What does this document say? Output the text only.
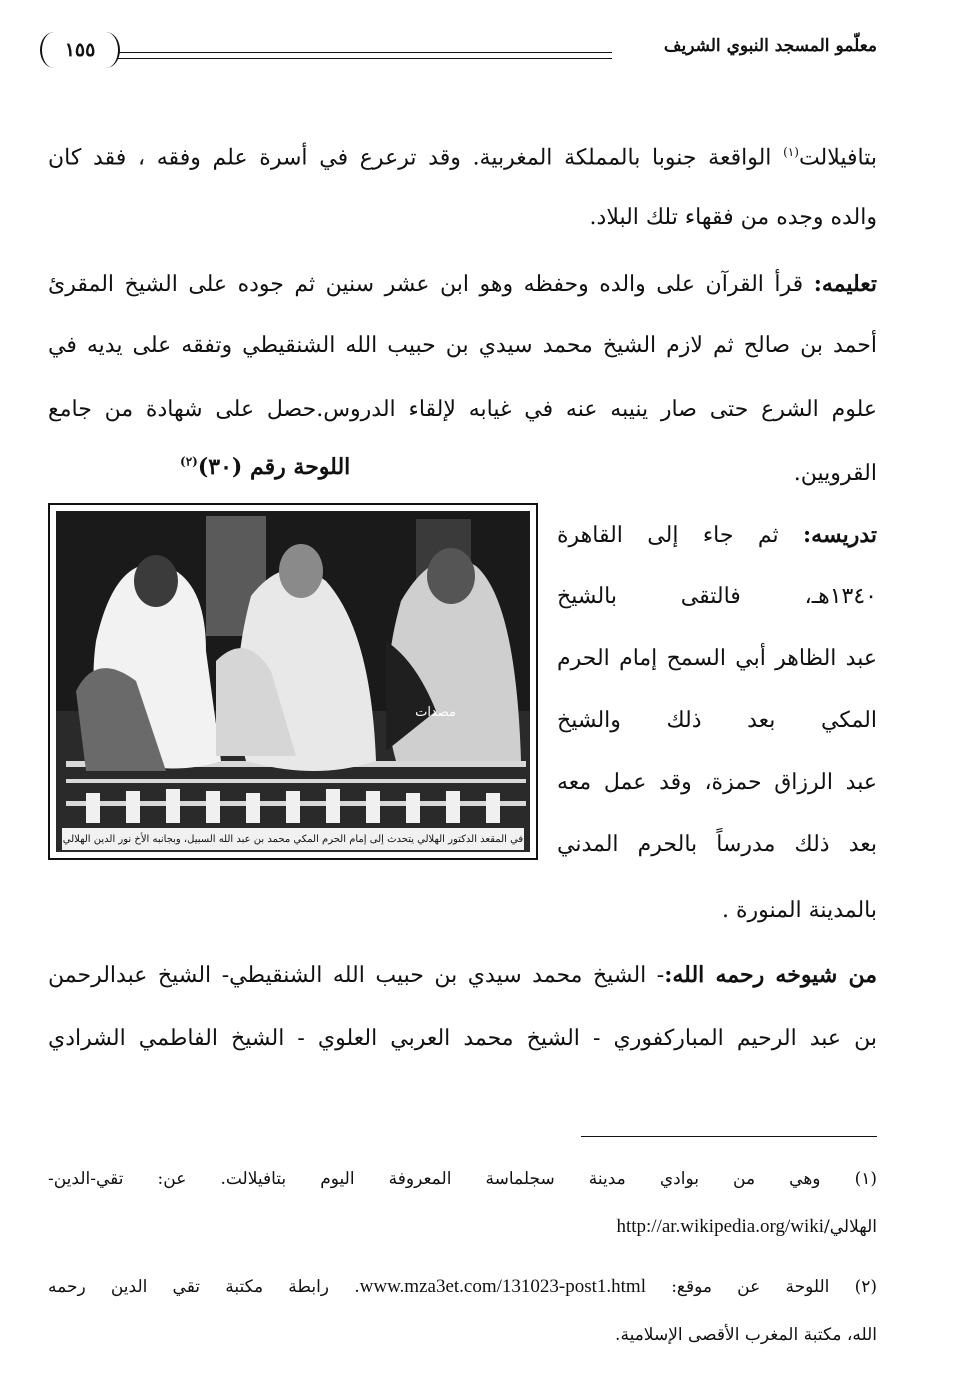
معلّمو المسجد النبوي الشريف
١٥٥
بتافيلالت$^{(١)}$ الواقعة جنوبا بالمملكة المغربية. وقد ترعرع في أسرة علم وفقه ، فقد كان
والده وجده من فقهاء تلك البلاد.
تعليمه: قرأ القرآن على والده وحفظه وهو ابن عشر سنين ثم جوده على الشيخ المقرئ
أحمد بن صالح ثم لازم الشيخ محمد سيدي بن حبيب الله الشنقيطي وتفقه على يديه في
علوم الشرع حتى صار ينيبه عنه في غيابه لإلقاء الدروس.حصل على شهادة من جامع
القرويين.
اللوحة رقم (٣٠)$^{(٢)}$
مصدات
في المقعد الدكتور الهلالي يتحدث إلى إمام الحرم المكي محمد بن عبد الله السبيل، وبجانبه الأخ نور الدين الهلالي
تدريسه: ثم جاء إلى القاهرة
١٣٤٠هـ، فالتقى بالشيخ
عبد الظاهر أبي السمح إمام الحرم
المكي بعد ذلك والشيخ
عبد الرزاق حمزة، وقد عمل معه
بعد ذلك مدرساً بالحرم المدني
بالمدينة المنورة .
من شيوخه رحمه الله:- الشيخ محمد سيدي بن حبيب الله الشنقيطي- الشيخ عبدالرحمن
بن عبد الرحيم المباركفوري - الشيخ محمد العربي العلوي - الشيخ الفاطمي الشرادي
(١) وهي من بوادي مدينة سجلماسة المعروفة اليوم بتافيلالت. عن: تقي-الدين-
الهلالي/http://ar.wikipedia.org/wiki
(٢) اللوحة عن موقع: www.mza3et.com/131023-post1.html. رابطة مكتبة تقي الدين رحمه
الله، مكتبة المغرب الأقصى الإسلامية.
